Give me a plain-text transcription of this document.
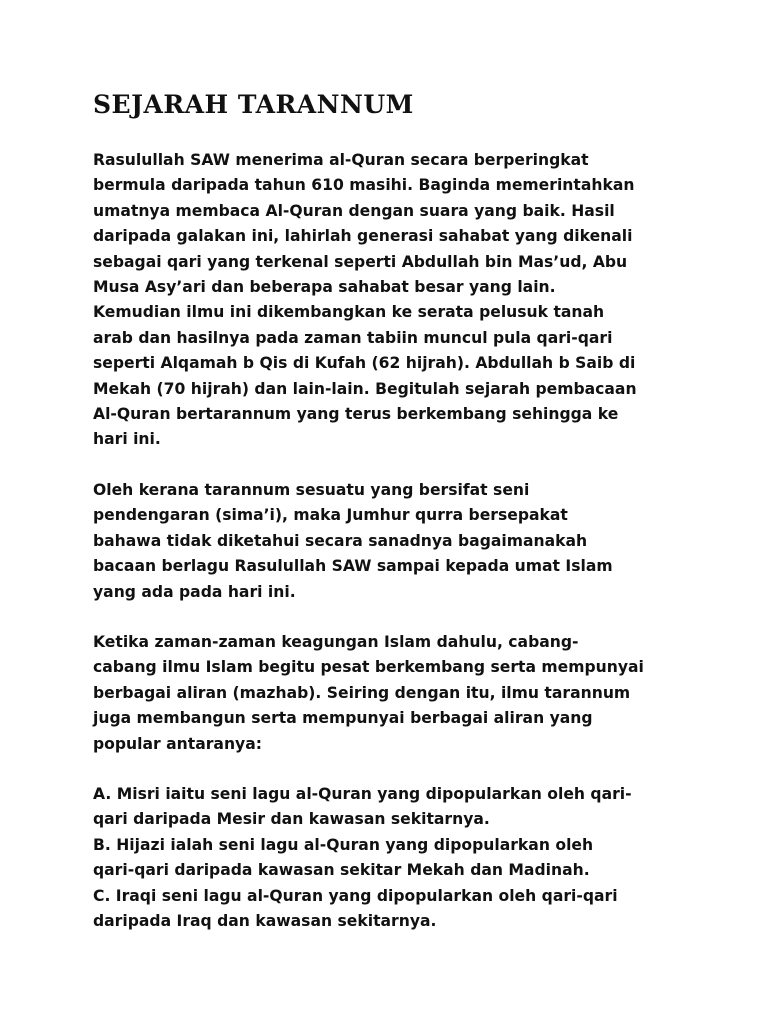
SEJARAH TARANNUM

Rasulullah SAW menerima al-Quran secara berperingkat
bermula daripada tahun 610 masihi. Baginda memerintahkan
umatnya membaca Al-Quran dengan suara yang baik. Hasil
daripada galakan ini, lahirlah generasi sahabat yang dikenali
sebagai qari yang terkenal seperti Abdullah bin Mas’ud, Abu
Musa Asy’ari dan beberapa sahabat besar yang lain.
Kemudian ilmu ini dikembangkan ke serata pelusuk tanah
arab dan hasilnya pada zaman tabiin muncul pula qari-qari
seperti Alqamah b Qis di Kufah (62 hijrah). Abdullah b Saib di
Mekah (70 hijrah) dan lain-lain. Begitulah sejarah pembacaan
Al-Quran bertarannum yang terus berkembang sehingga ke
hari ini.

Oleh kerana tarannum sesuatu yang bersifat seni
pendengaran (sima’i), maka Jumhur qurra bersepakat
bahawa tidak diketahui secara sanadnya bagaimanakah
bacaan berlagu Rasulullah SAW sampai kepada umat Islam
yang ada pada hari ini.

Ketika zaman-zaman keagungan Islam dahulu, cabang-
cabang ilmu Islam begitu pesat berkembang serta mempunyai
berbagai aliran (mazhab). Seiring dengan itu, ilmu tarannum
juga membangun serta mempunyai berbagai aliran yang
popular antaranya:

A. Misri iaitu seni lagu al-Quran yang dipopularkan oleh qari-
qari daripada Mesir dan kawasan sekitarnya.
B. Hijazi ialah seni lagu al-Quran yang dipopularkan oleh
qari-qari daripada kawasan sekitar Mekah dan Madinah.
C. Iraqi seni lagu al-Quran yang dipopularkan oleh qari-qari
daripada Iraq dan kawasan sekitarnya.
